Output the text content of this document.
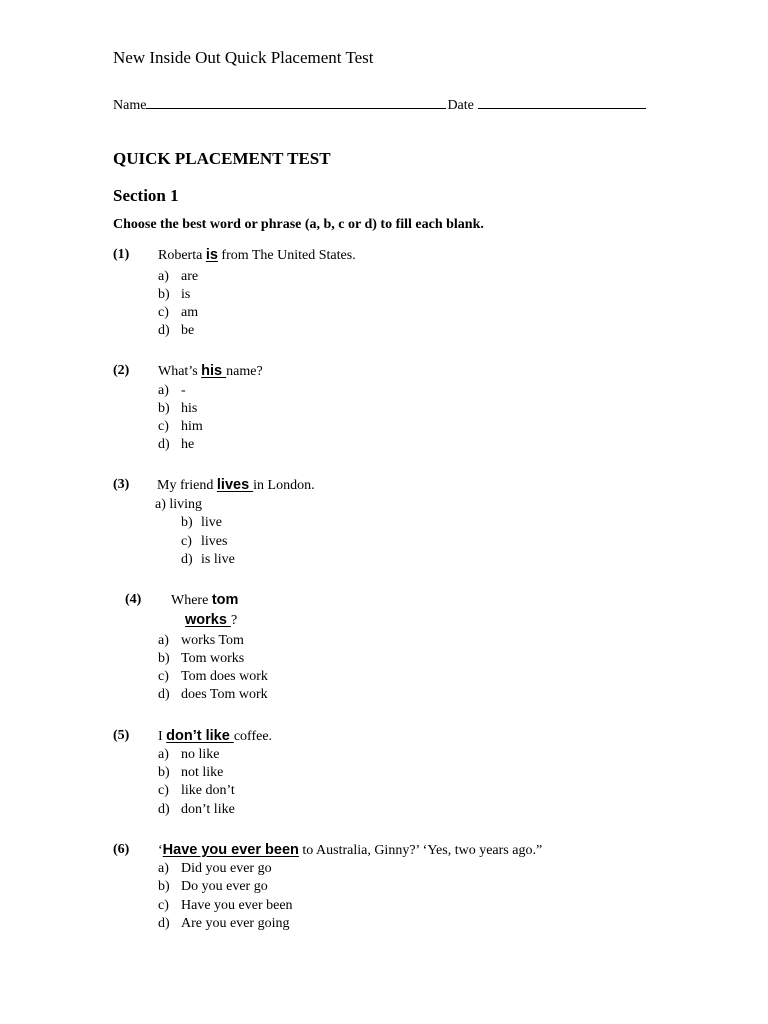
New Inside Out Quick Placement Test
Name	Date
QUICK PLACEMENT TEST
Section 1
Choose the best word or phrase (a, b, c or d) to fill each blank.
(1) Roberta is from The United States.
a) are
b) is
c) am
d) be
(2) What’s his name?
a) -
b) his
c) him
d) he
(3) My friend lives in London.
a) living
b) live
c) lives
d) is live
(4) Where tom
works ?
a) works Tom
b) Tom works
c) Tom does work
d) does Tom work
(5) I don’t like coffee.
a) no like
b) not like
c) like don’t
d) don’t like
(6) ‘Have you ever been to Australia, Ginny?’ ‘Yes, two years ago.”
a) Did you ever go
b) Do you ever go
c) Have you ever been
d) Are you ever going
